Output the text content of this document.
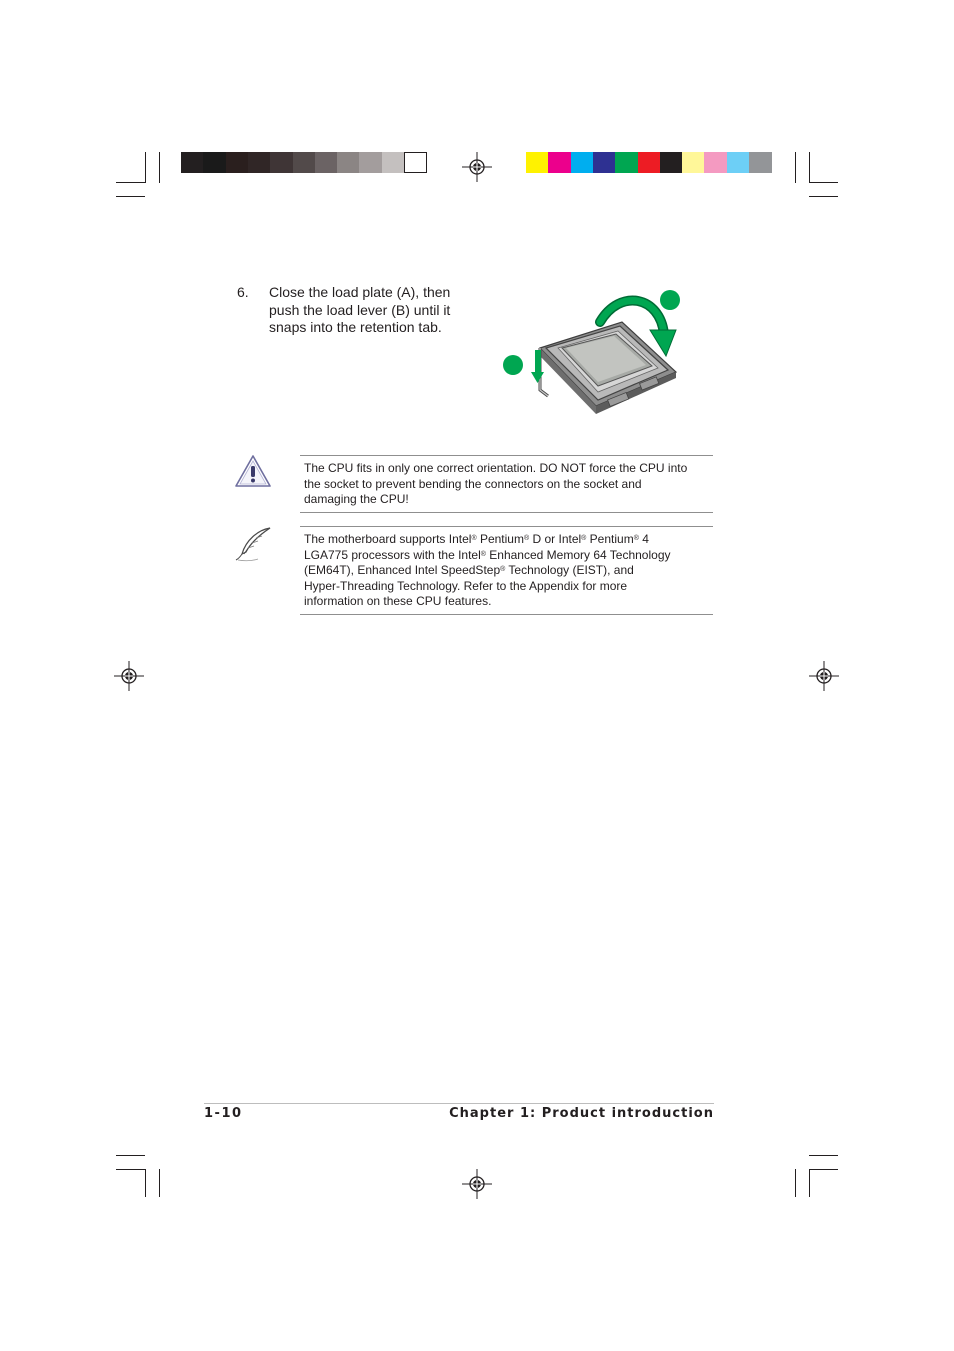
6. Close the load plate (A), then
push the load lever (B) until it
snaps into the retention tab.
The CPU fits in only one correct orientation. DO NOT force the CPU into
the socket to prevent bending the connectors on the socket and
damaging the CPU!
The motherboard supports Intel® Pentium® D or Intel® Pentium® 4
LGA775 processors with the Intel® Enhanced Memory 64 Technology
(EM64T), Enhanced Intel SpeedStep® Technology (EIST), and
Hyper-Threading Technology. Refer to the Appendix for more
information on these CPU features.
1-10	Chapter 1: Product introduction
